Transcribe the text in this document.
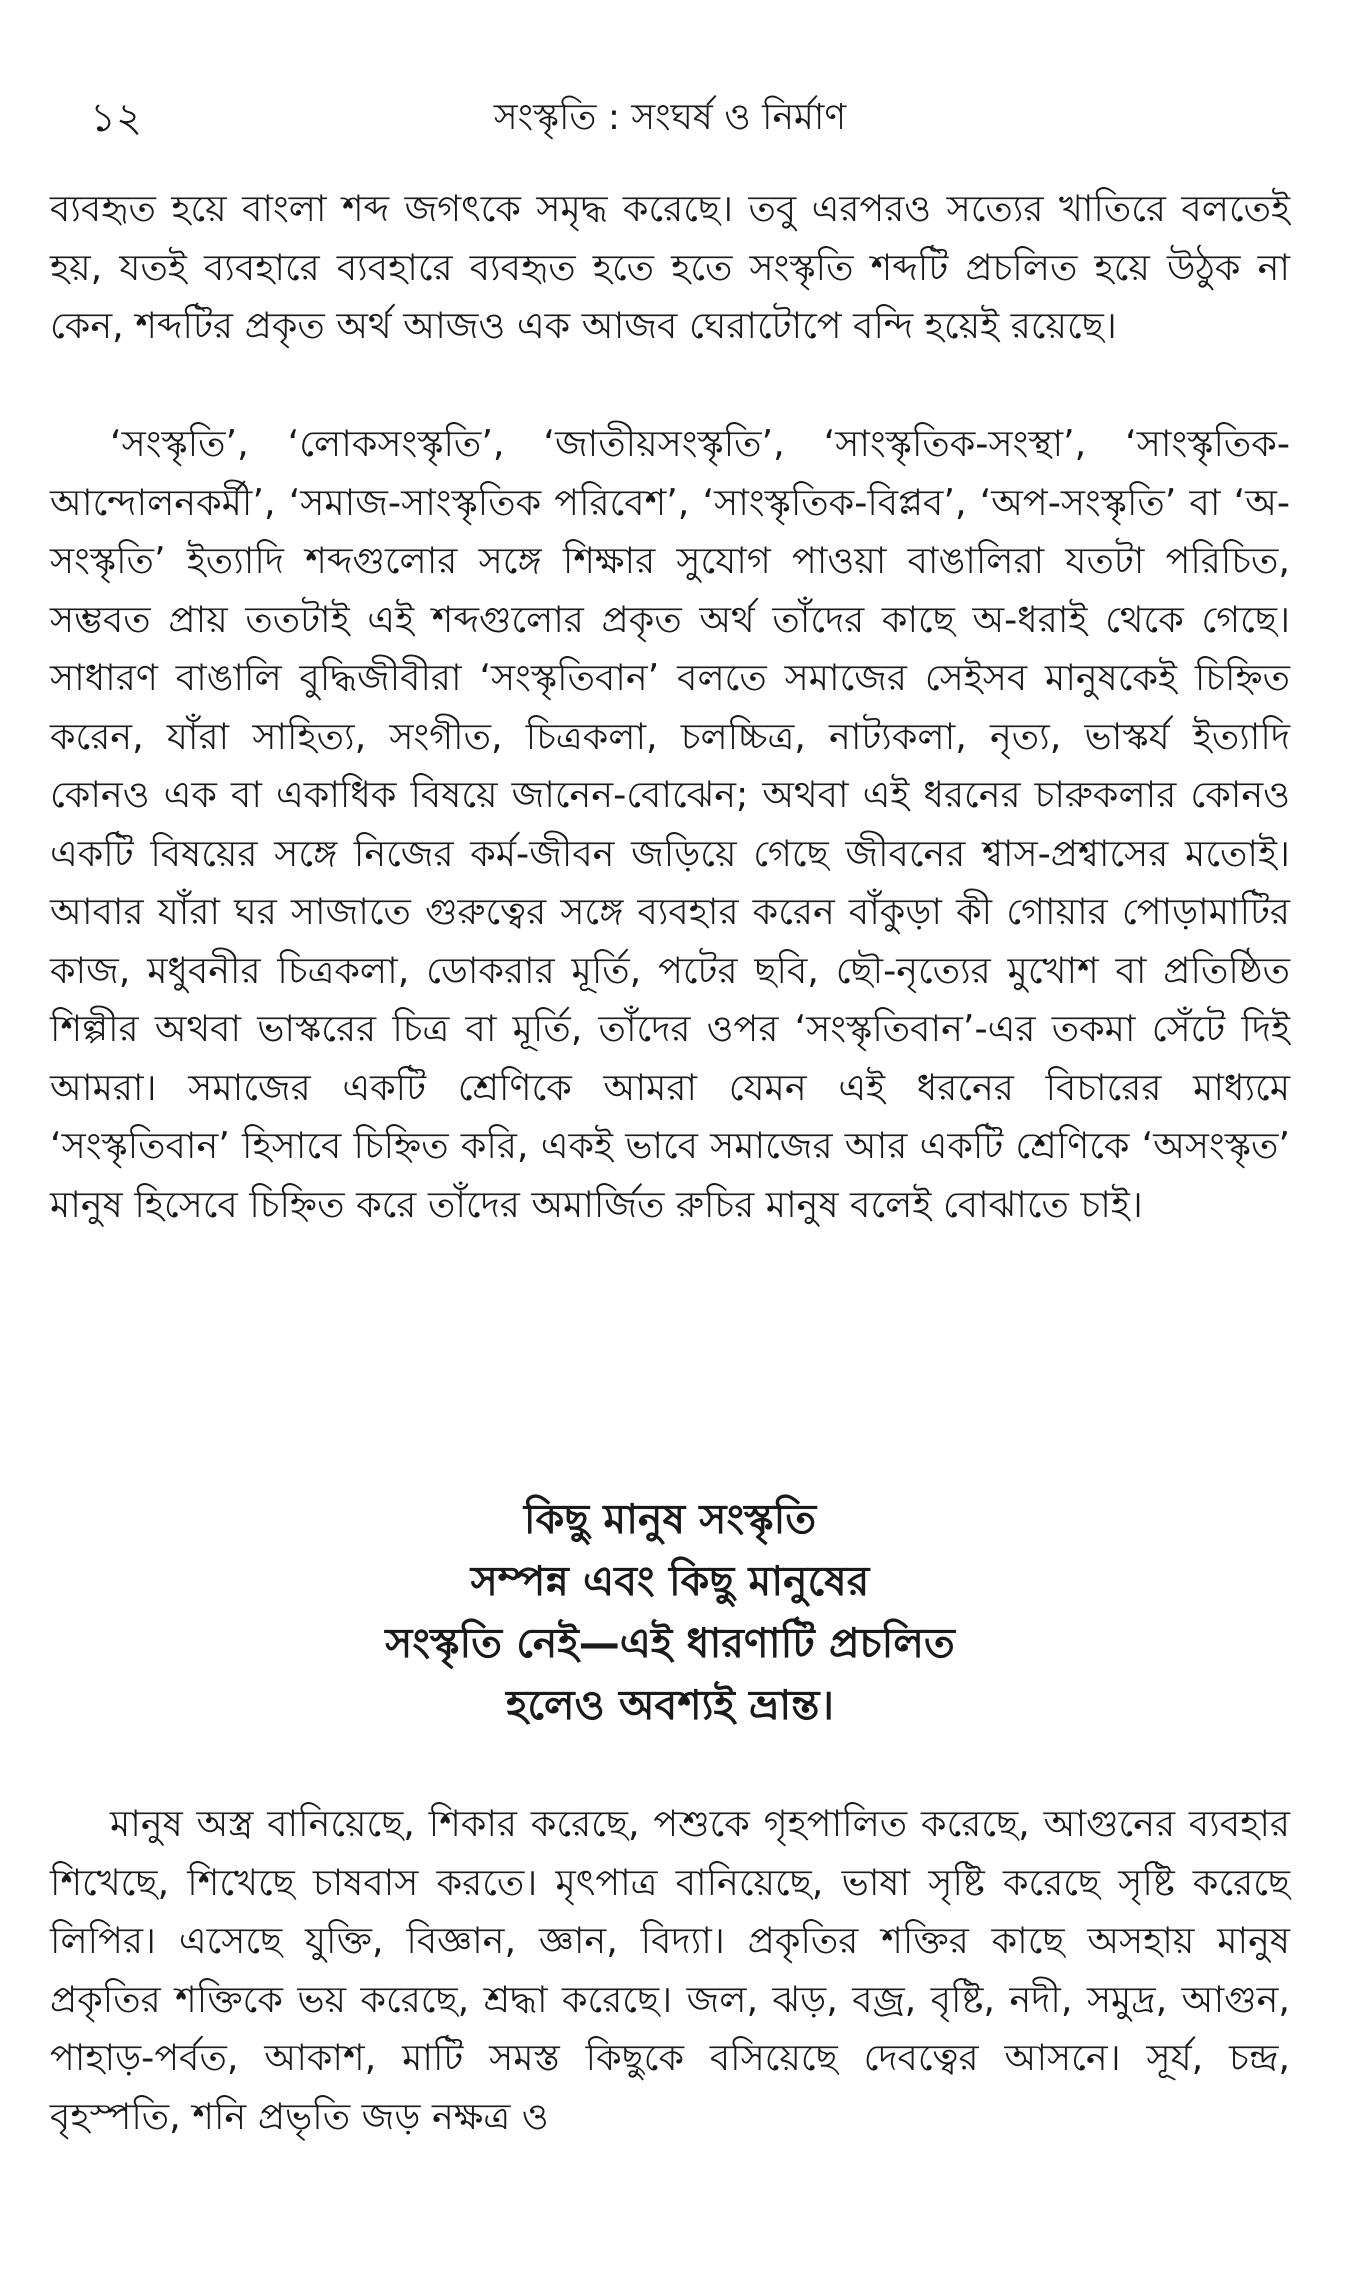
১২	সংস্কৃতি : সংঘর্ষ ও নির্মাণ

ব্যবহৃত হয়ে বাংলা শব্দ জগৎকে সমৃদ্ধ করেছে। তবু এরপরও সত্যের খাতিরে বলতেই হয়, যতই ব্যবহারে ব্যবহারে ব্যবহৃত হতে হতে সংস্কৃতি শব্দটি প্রচলিত হয়ে উঠুক না কেন, শব্দটির প্রকৃত অর্থ আজও এক আজব ঘেরাটোপে বন্দি হয়েই রয়েছে।

‘সংস্কৃতি’, ‘লোকসংস্কৃতি’, ‘জাতীয়সংস্কৃতি’, ‘সাংস্কৃতিক-সংস্থা’, ‘সাংস্কৃতিক-আন্দোলনকর্মী’, ‘সমাজ-সাংস্কৃতিক পরিবেশ’, ‘সাংস্কৃতিক-বিপ্লব’, ‘অপ-সংস্কৃতি’ বা ‘অ-সংস্কৃতি’ ইত্যাদি শব্দগুলোর সঙ্গে শিক্ষার সুযোগ পাওয়া বাঙালিরা যতটা পরিচিত, সম্ভবত প্রায় ততটাই এই শব্দগুলোর প্রকৃত অর্থ তাঁদের কাছে অ-ধরাই থেকে গেছে। সাধারণ বাঙালি বুদ্ধিজীবীরা ‘সংস্কৃতিবান’ বলতে সমাজের সেইসব মানুষকেই চিহ্নিত করেন, যাঁরা সাহিত্য, সংগীত, চিত্রকলা, চলচ্চিত্র, নাট্যকলা, নৃত্য, ভাস্কর্য ইত্যাদি কোনও এক বা একাধিক বিষয়ে জানেন-বোঝেন; অথবা এই ধরনের চারুকলার কোনও একটি বিষয়ের সঙ্গে নিজের কর্ম-জীবন জড়িয়ে গেছে জীবনের শ্বাস-প্রশ্বাসের মতোই। আবার যাঁরা ঘর সাজাতে গুরুত্বের সঙ্গে ব্যবহার করেন বাঁকুড়া কী গোয়ার পোড়ামাটির কাজ, মধুবনীর চিত্রকলা, ডোকরার মূর্তি, পটের ছবি, ছৌ-নৃত্যের মুখোশ বা প্রতিষ্ঠিত শিল্পীর অথবা ভাস্করের চিত্র বা মূর্তি, তাঁদের ওপর ‘সংস্কৃতিবান’-এর তকমা সেঁটে দিই আমরা। সমাজের একটি শ্রেণিকে আমরা যেমন এই ধরনের বিচারের মাধ্যমে ‘সংস্কৃতিবান’ হিসাবে চিহ্নিত করি, একই ভাবে সমাজের আর একটি শ্রেণিকে ‘অসংস্কৃত’ মানুষ হিসেবে চিহ্নিত করে তাঁদের অমার্জিত রুচির মানুষ বলেই বোঝাতে চাই।

কিছু মানুষ সংস্কৃতি
সম্পন্ন এবং কিছু মানুষের
সংস্কৃতি নেই—এই ধারণাটি প্রচলিত
হলেও অবশ্যই ভ্রান্ত।

মানুষ অস্ত্র বানিয়েছে, শিকার করেছে, পশুকে গৃহপালিত করেছে, আগুনের ব্যবহার শিখেছে, শিখেছে চাষবাস করতে। মৃৎপাত্র বানিয়েছে, ভাষা সৃষ্টি করেছে সৃষ্টি করেছে লিপির। এসেছে যুক্তি, বিজ্ঞান, জ্ঞান, বিদ্যা। প্রকৃতির শক্তির কাছে অসহায় মানুষ প্রকৃতির শক্তিকে ভয় করেছে, শ্রদ্ধা করেছে। জল, ঝড়, বজ্র, বৃষ্টি, নদী, সমুদ্র, আগুন, পাহাড়-পর্বত, আকাশ, মাটি সমস্ত কিছুকে বসিয়েছে দেবত্বের আসনে। সূর্য, চন্দ্র, বৃহস্পতি, শনি প্রভৃতি জড় নক্ষত্র ও
